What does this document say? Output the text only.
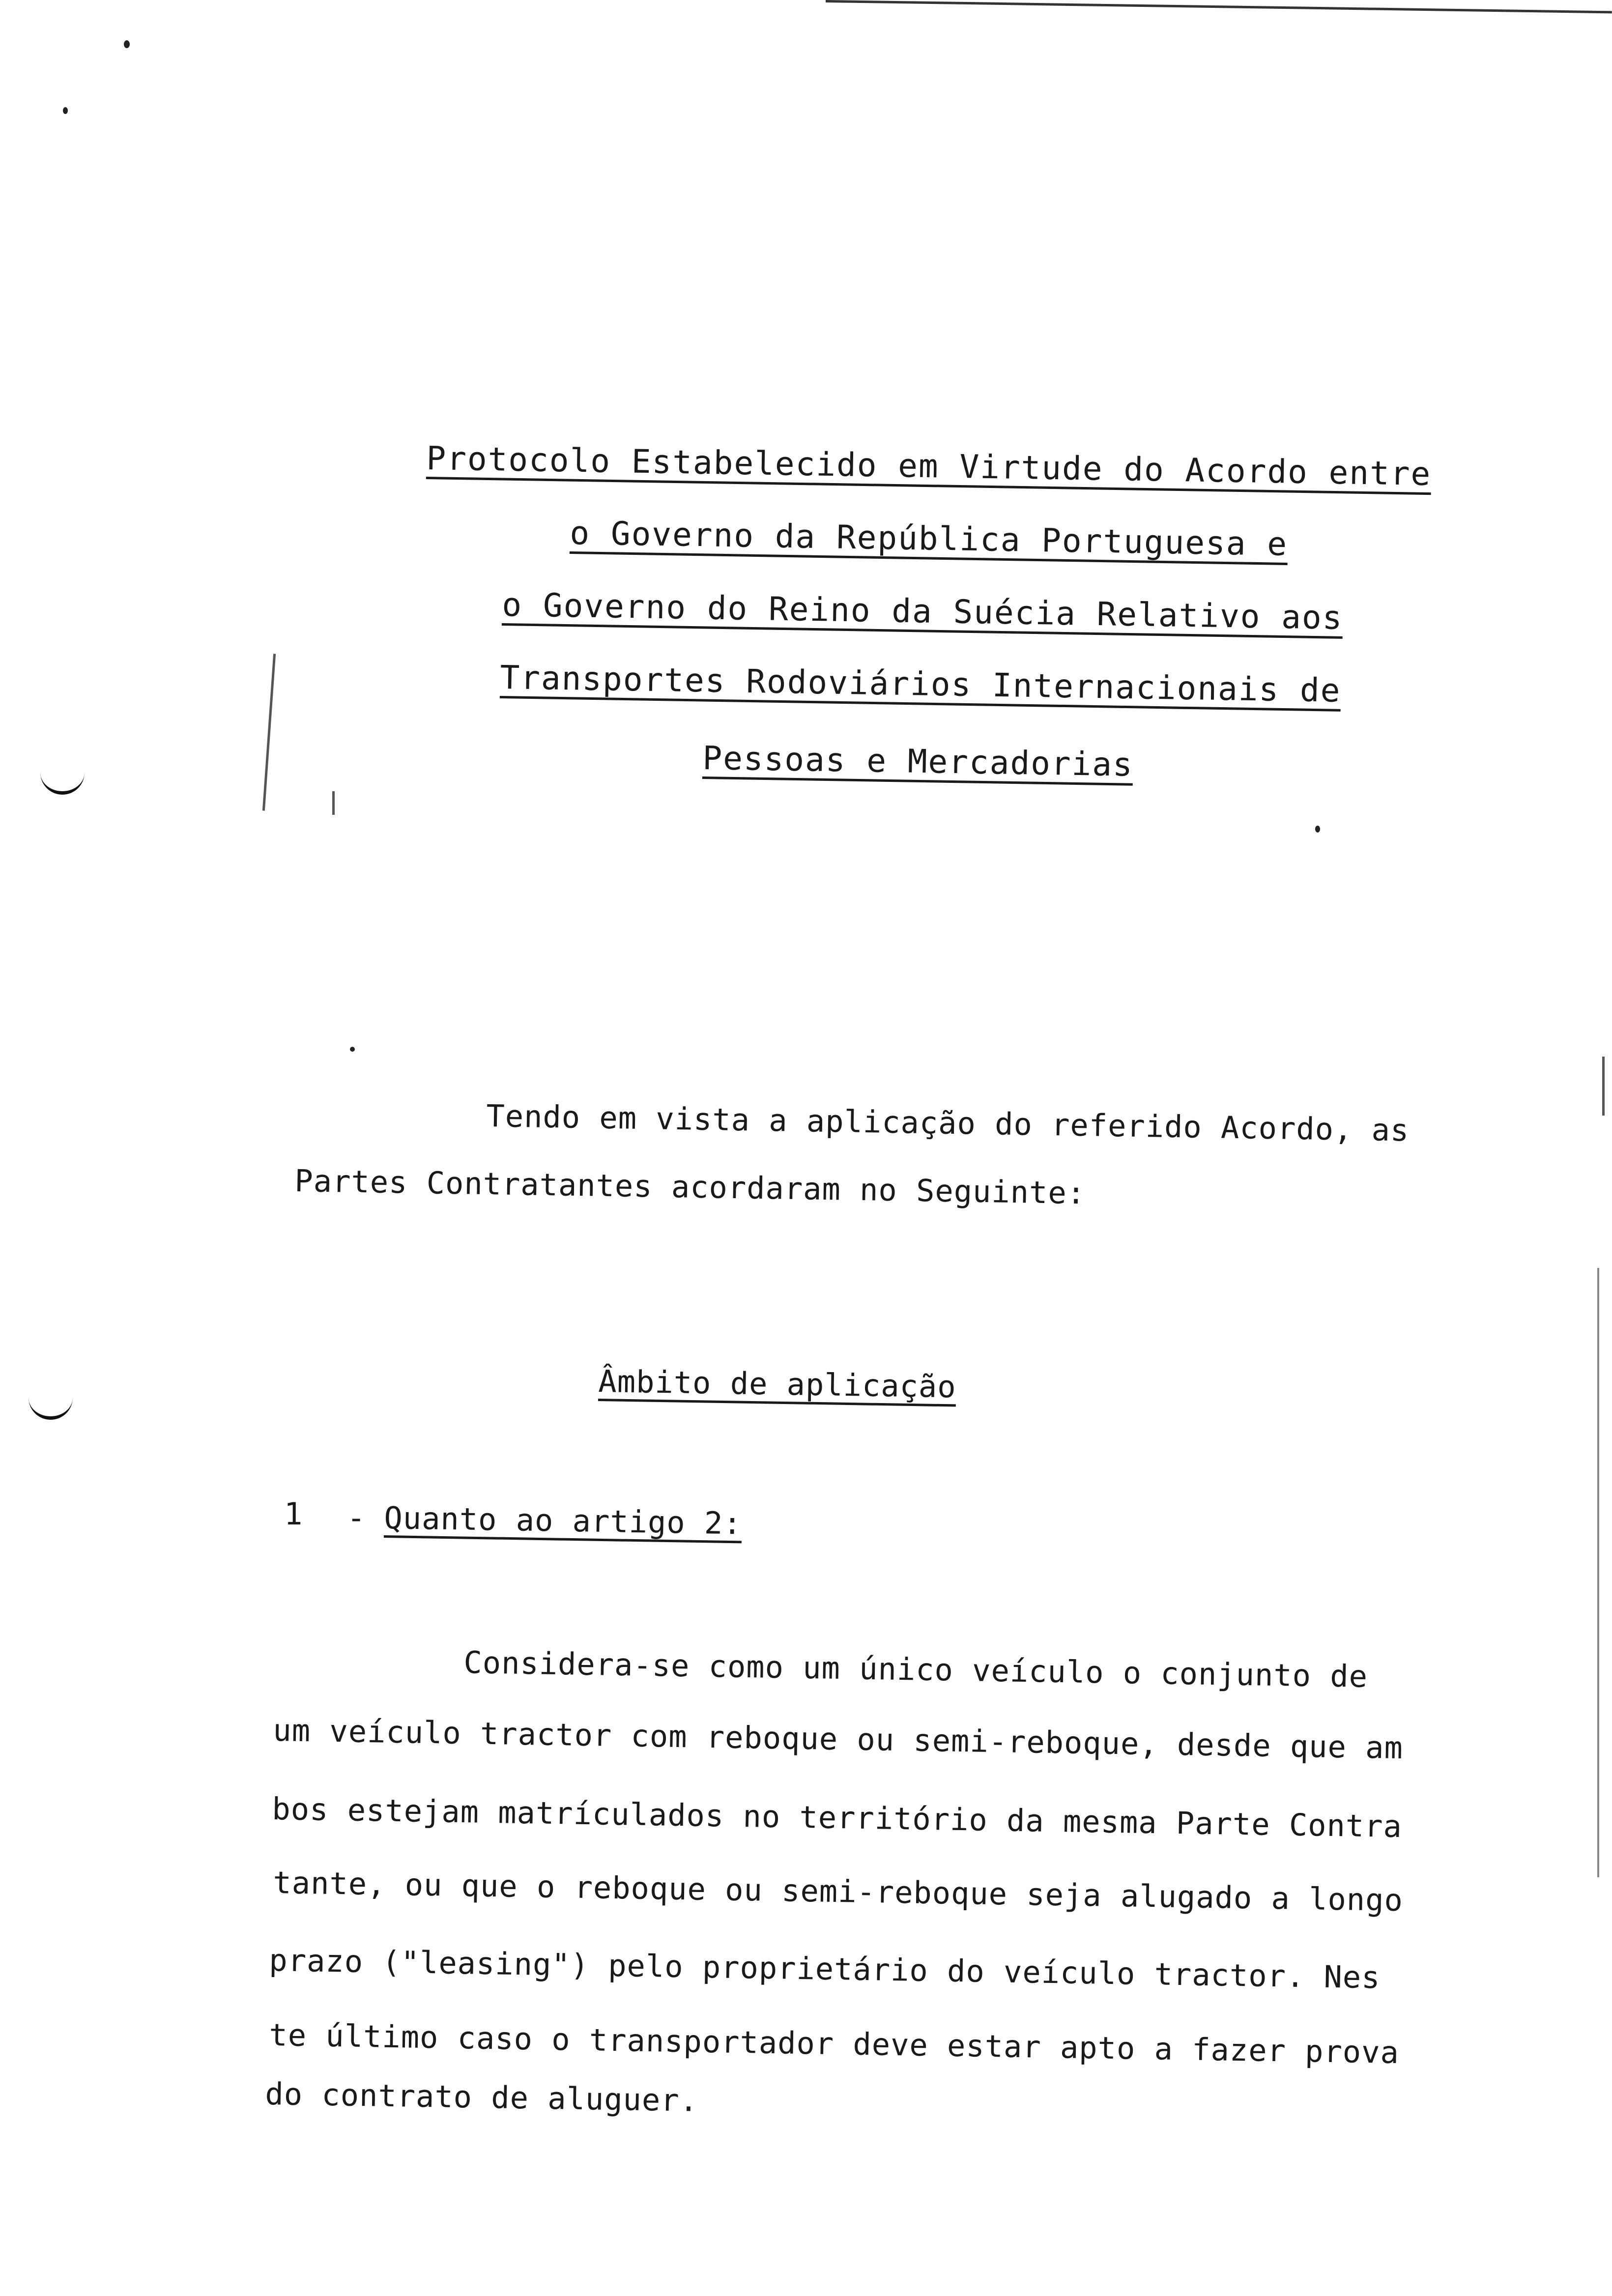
Protocolo Estabelecido em Virtude do Acordo entre
o Governo da República Portuguesa e
o Governo do Reino da Suécia Relativo aos
Transportes Rodoviários Internacionais de
Pessoas e Mercadorias
Tendo em vista a aplicação do referido Acordo, as
Partes Contratantes acordaram no Seguinte:
Âmbito de aplicação
1 - Quanto ao artigo 2:
Considera-se como um único veículo o conjunto de
um veículo tractor com reboque ou semi-reboque, desde que am
bos estejam matrículados no território da mesma Parte Contra
tante, ou que o reboque ou semi-reboque seja alugado a longo
prazo ("leasing") pelo proprietário do veículo tractor. Nes
te último caso o transportador deve estar apto a fazer prova
do contrato de aluguer.
